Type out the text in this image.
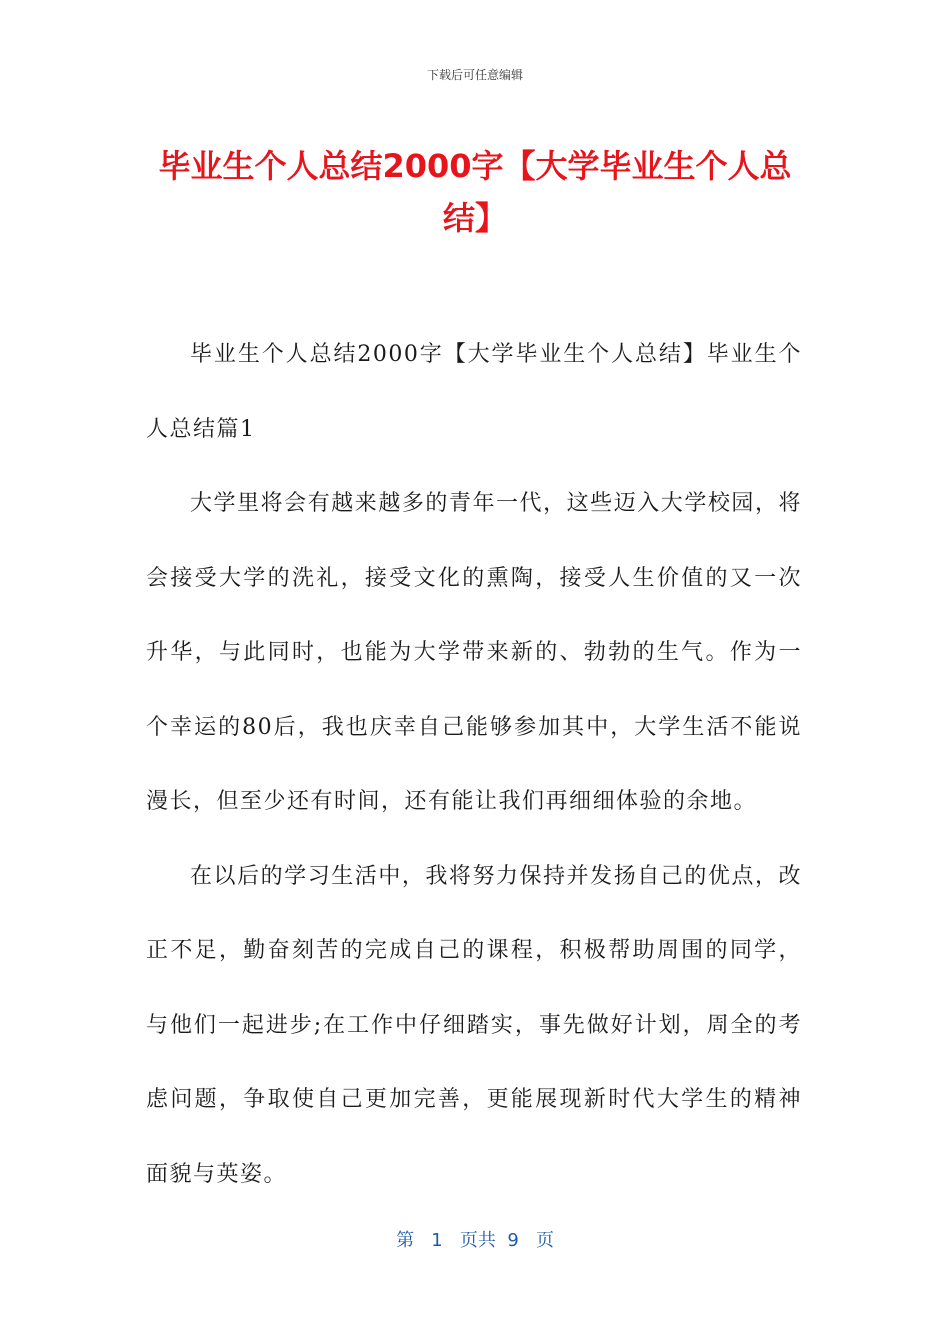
下载后可任意编辑
毕业生个人总结2000字【大学毕业生个人总结】

毕业生个人总结2000字【大学毕业生个人总结】毕业生个人总结篇1

大学里将会有越来越多的青年一代，这些迈入大学校园，将会接受大学的洗礼，接受文化的熏陶，接受人生价值的又一次升华，与此同时，也能为大学带来新的、勃勃的生气。作为一个幸运的80后，我也庆幸自己能够参加其中，大学生活不能说漫长，但至少还有时间，还有能让我们再细细体验的余地。

在以后的学习生活中，我将努力保持并发扬自己的优点，改正不足，勤奋刻苦的完成自己的课程，积极帮助周围的同学，与他们一起进步;在工作中仔细踏实，事先做好计划，周全的考虑问题，争取使自己更加完善，更能展现新时代大学生的精神面貌与英姿。

第 1 页共 9 页
